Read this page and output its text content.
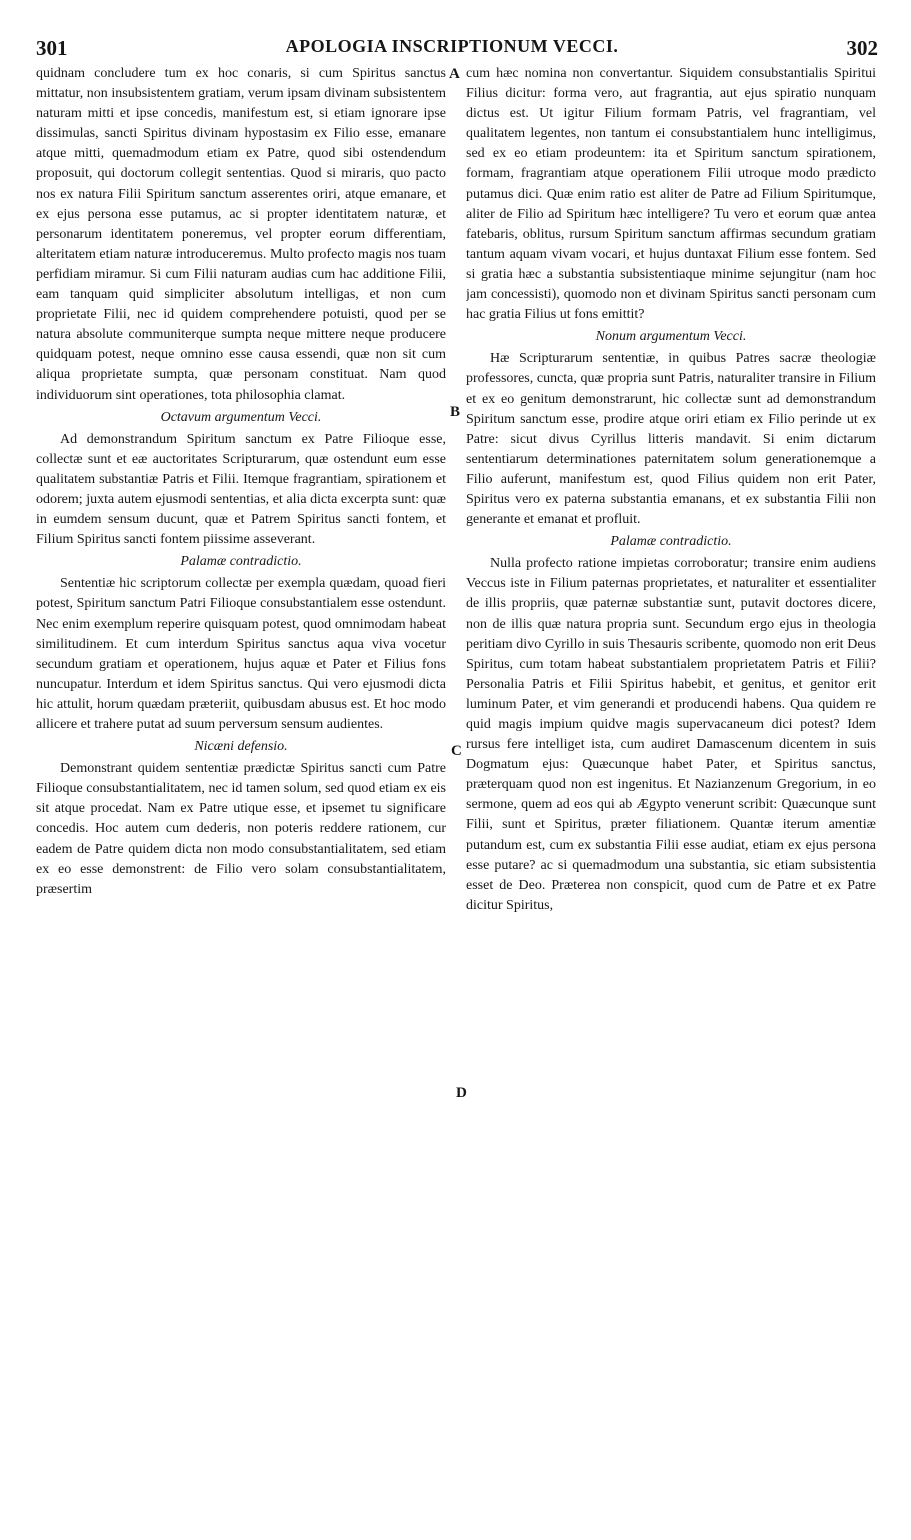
301	APOLOGIA INSCRIPTIONUM VECCI.	302
A
B
C
D

quidnam concludere tum ex hoc conaris, si cum Spiritus sanctus mittatur, non insubsistentem gratiam, verum ipsam divinam subsistentem naturam mitti et ipse concedis, manifestum est, si etiam ignorare ipse dissimulas, sancti Spiritus divinam hypostasim ex Filio esse, emanare atque mitti, quemadmodum etiam ex Patre, quod sibi ostendendum proposuit, qui doctorum collegit sententias. Quod si miraris, quo pacto nos ex natura Filii Spiritum sanctum asserentes oriri, atque emanare, et ex ejus persona esse putamus, ac si propter identitatem naturæ, et personarum identitatem poneremus, vel propter eorum differentiam, alteritatem etiam naturæ introduceremus. Multo profecto magis nos tuam perfidiam miramur. Si cum Filii naturam audias cum hac additione Filii, eam tanquam quid simpliciter absolutum intelligas, et non cum proprietate Filii, nec id quidem comprehendere potuisti, quod per se natura absolute communiterque sumpta neque mittere neque producere quidquam potest, neque omnino esse causa essendi, quæ non sit cum aliqua proprietate sumpta, quæ personam constituat. Nam quod individuorum sint operationes, tota philosophia clamat.

Octavum argumentum Vecci.

Ad demonstrandum Spiritum sanctum ex Patre Filioque esse, collectæ sunt et eæ auctoritates Scripturarum, quæ ostendunt eum esse qualitatem substantiæ Patris et Filii. Itemque fragrantiam, spirationem et odorem; juxta autem ejusmodi sententias, et alia dicta excerpta sunt: quæ in eumdem sensum ducunt, quæ et Patrem Spiritus sancti fontem, et Filium Spiritus sancti fontem piissime asseverant.

Palamæ contradictio.

Sententiæ hic scriptorum collectæ per exempla quædam, quoad fieri potest, Spiritum sanctum Patri Filioque consubstantialem esse ostendunt. Nec enim exemplum reperire quisquam potest, quod omnimodam habeat similitudinem. Et cum interdum Spiritus sanctus aqua viva vocetur secundum gratiam et operationem, hujus aquæ et Pater et Filius fons nuncupatur. Interdum et idem Spiritus sanctus. Qui vero ejusmodi dicta hic attulit, horum quædam præteriit, quibusdam abusus est. Et hoc modo allicere et trahere putat ad suum perversum sensum audientes.

Nicæni defensio.

Demonstrant quidem sententiæ prædictæ Spiritus sancti cum Patre Filioque consubstantialitatem, nec id tamen solum, sed quod etiam ex eis sit atque procedat. Nam ex Patre utique esse, et ipsemet tu significare concedis. Hoc autem cum dederis, non poteris reddere rationem, cur eadem de Patre quidem dicta non modo consubstantialitatem, sed etiam ex eo esse demonstrent: de Filio vero solam consubstantialitatem, præsertim

cum hæc nomina non convertantur. Siquidem consubstantialis Spiritui Filius dicitur: forma vero, aut fragrantia, aut ejus spiratio nunquam dictus est. Ut igitur Filium formam Patris, vel fragrantiam, vel qualitatem legentes, non tantum ei consubstantialem hunc intelligimus, sed ex eo etiam prodeuntem: ita et Spiritum sanctum spirationem, formam, fragrantiam atque operationem Filii utroque modo prædicto putamus dici. Quæ enim ratio est aliter de Patre ad Filium Spiritumque, aliter de Filio ad Spiritum hæc intelligere? Tu vero et eorum quæ antea fatebaris, oblitus, rursum Spiritum sanctum affirmas secundum gratiam tantum aquam vivam vocari, et hujus duntaxat Filium esse fontem. Sed si gratia hæc a substantia subsistentiaque minime sejungitur (nam hoc jam concessisti), quomodo non et divinam Spiritus sancti personam cum hac gratia Filius ut fons emittit?

Nonum argumentum Vecci.

Hæ Scripturarum sententiæ, in quibus Patres sacræ theologiæ professores, cuncta, quæ propria sunt Patris, naturaliter transire in Filium et ex eo genitum demonstrarunt, hic collectæ sunt ad demonstrandum Spiritum sanctum esse, prodire atque oriri etiam ex Filio perinde ut ex Patre: sicut divus Cyrillus litteris mandavit. Si enim dictarum sententiarum determinationes paternitatem solum generationemque a Filio auferunt, manifestum est, quod Filius quidem non erit Pater, Spiritus vero ex paterna substantia emanans, et ex substantia Filii non generante et emanat et profluit.

Palamæ contradictio.

Nulla profecto ratione impietas corroboratur; transire enim audiens Veccus iste in Filium paternas proprietates, et naturaliter et essentialiter de illis propriis, quæ paternæ substantiæ sunt, putavit doctores dicere, non de illis quæ natura propria sunt. Secundum ergo ejus in theologia peritiam divo Cyrillo in suis Thesauris scribente, quomodo non erit Deus Spiritus, cum totam habeat substantialem proprietatem Patris et Filii? Personalia Patris et Filii Spiritus habebit, et genitus, et genitor erit luminum Pater, et vim generandi et producendi habens. Qua quidem re quid magis impium quidve magis supervacaneum dici potest? Idem rursus fere intelliget ista, cum audiret Damascenum dicentem in suis Dogmatum ejus: Quæcunque habet Pater, et Spiritus sanctus, præterquam quod non est ingenitus. Et Nazianzenum Gregorium, in eo sermone, quem ad eos qui ab Ægypto venerunt scribit: Quæcunque sunt Filii, sunt et Spiritus, præter filiationem. Quantæ iterum amentiæ putandum est, cum ex substantia Filii esse audiat, etiam ex ejus persona esse putare? ac si quemadmodum una substantia, sic etiam subsistentia esset de Deo. Præterea non conspicit, quod cum de Patre et ex Patre dicitur Spiritus,
